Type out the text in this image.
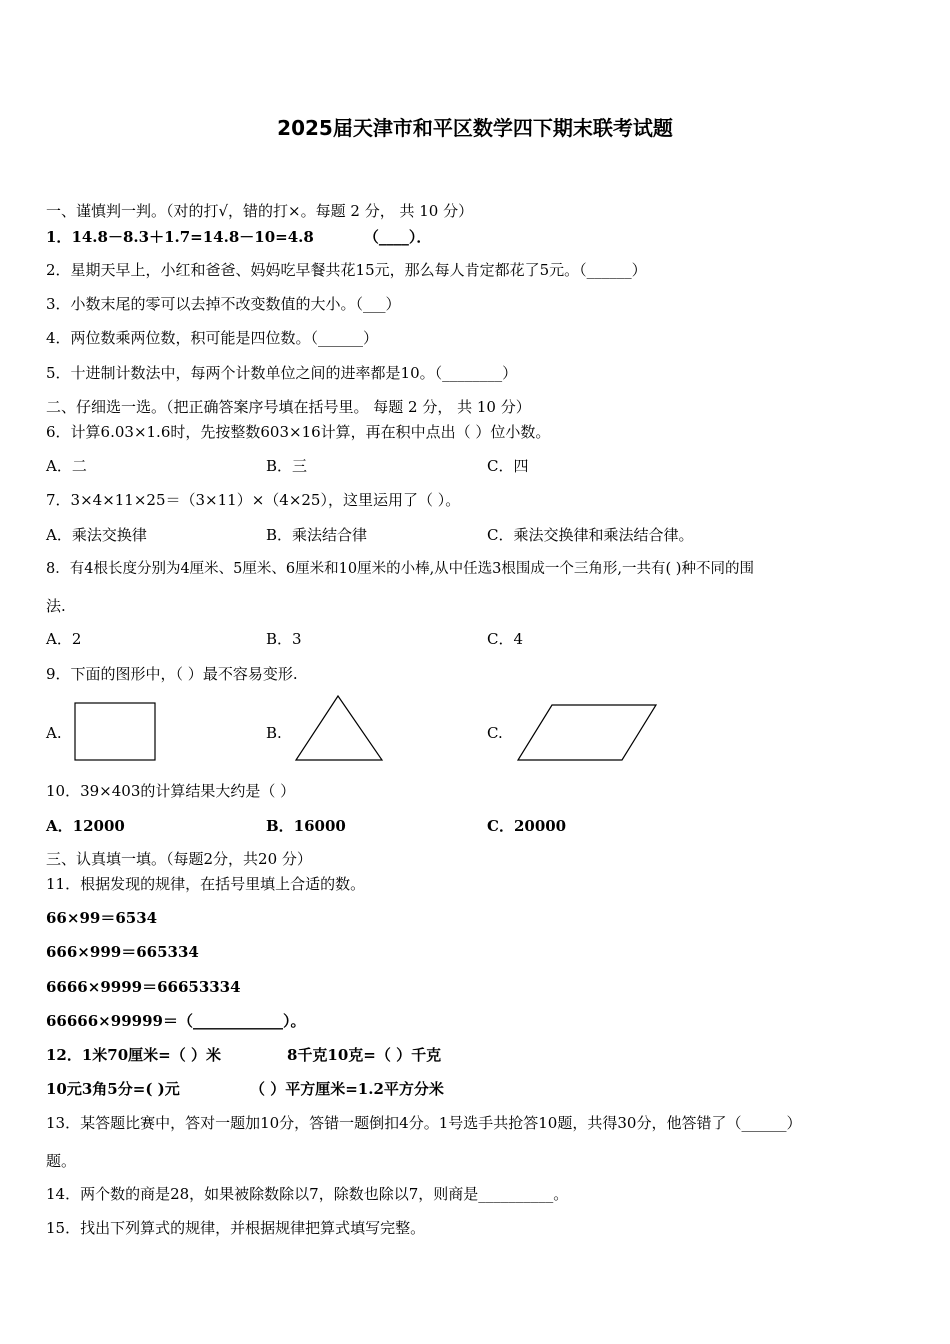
2025届天津市和平区数学四下期末联考试题
一、谨慎判一判。（对的打√，错的打×。每题 2 分， 共 10 分）
1．14.8－8.3＋1.7=14.8－10=4.8	（____）．
2．星期天早上，小红和爸爸、妈妈吃早餐共花15元，那么每人肯定都花了5元。（______）
3．小数末尾的零可以去掉不改变数值的大小。（___）
4．两位数乘两位数，积可能是四位数。（______）
5．十进制计数法中，每两个计数单位之间的进率都是10。（________）
二、仔细选一选。（把正确答案序号填在括号里。 每题 2 分， 共 10 分）
6．计算6.03×1.6时，先按整数603×16计算，再在积中点出（ ）位小数。
A．二	B．三	C．四
7．3×4×11×25＝（3×11）×（4×25），这里运用了（ ）。
A．乘法交换律	B．乘法结合律	C．乘法交换律和乘法结合律。
8．有4根长度分别为4厘米、5厘米、6厘米和10厘米的小棒,从中任选3根围成一个三角形,一共有( )种不同的围
法.
A．2	B．3	C．4
9．下面的图形中，（ ）最不容易变形.
A.	B.	C.
10．39×403的计算结果大约是（ ）
A．12000	B．16000	C．20000
三、认真填一填。（每题2分，共20 分）
11．根据发现的规律，在括号里填上合适的数。
66×99＝6534
666×999＝665334
6666×9999＝66653334
66666×99999＝（____________）。
12．1米70厘米=（ ）米	8千克10克=（ ）千克
10元3角5分=( )元	（ ）平方厘米=1.2平方分米
13．某答题比赛中，答对一题加10分，答错一题倒扣4分。1号选手共抢答10题，共得30分，他答错了（______）
题。
14．两个数的商是28，如果被除数除以7，除数也除以7，则商是__________。
15．找出下列算式的规律，并根据规律把算式填写完整。
